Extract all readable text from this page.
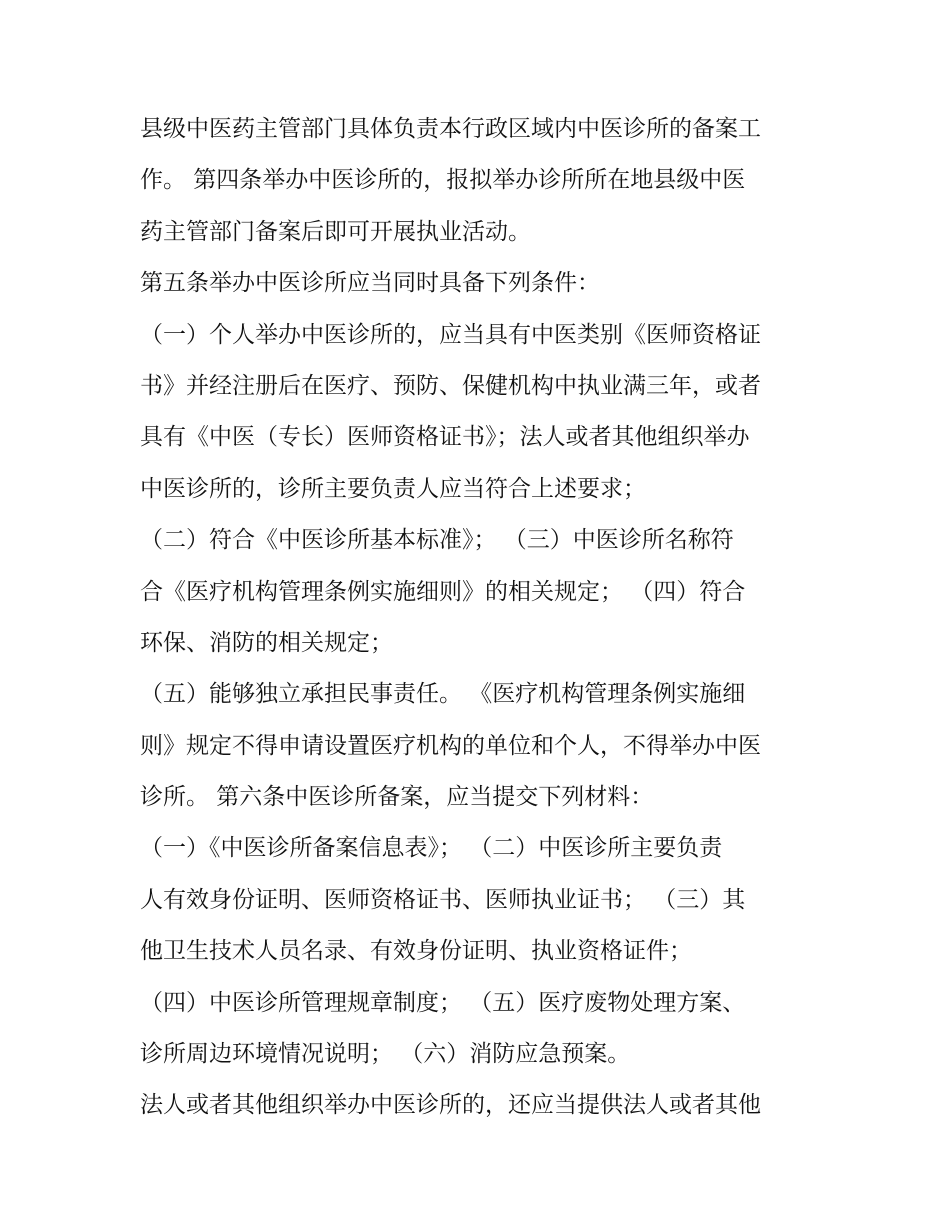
县级中医药主管部门具体负责本行政区域内中医诊所的备案工
作。 第四条举办中医诊所的，报拟举办诊所所在地县级中医
药主管部门备案后即可开展执业活动。
第五条举办中医诊所应当同时具备下列条件：
（一）个人举办中医诊所的，应当具有中医类别《医师资格证
书》并经注册后在医疗、预防、保健机构中执业满三年，或者
具有《中医（专长）医师资格证书》；法人或者其他组织举办
中医诊所的，诊所主要负责人应当符合上述要求；
（二）符合《中医诊所基本标准》； （三）中医诊所名称符
合《医疗机构管理条例实施细则》的相关规定； （四）符合
环保、消防的相关规定；
（五）能够独立承担民事责任。 《医疗机构管理条例实施细
则》规定不得申请设置医疗机构的单位和个人，不得举办中医
诊所。 第六条中医诊所备案，应当提交下列材料：
（一）《中医诊所备案信息表》； （二）中医诊所主要负责
人有效身份证明、医师资格证书、医师执业证书； （三）其
他卫生技术人员名录、有效身份证明、执业资格证件；
（四）中医诊所管理规章制度； （五）医疗废物处理方案、
诊所周边环境情况说明； （六）消防应急预案。
法人或者其他组织举办中医诊所的，还应当提供法人或者其他
